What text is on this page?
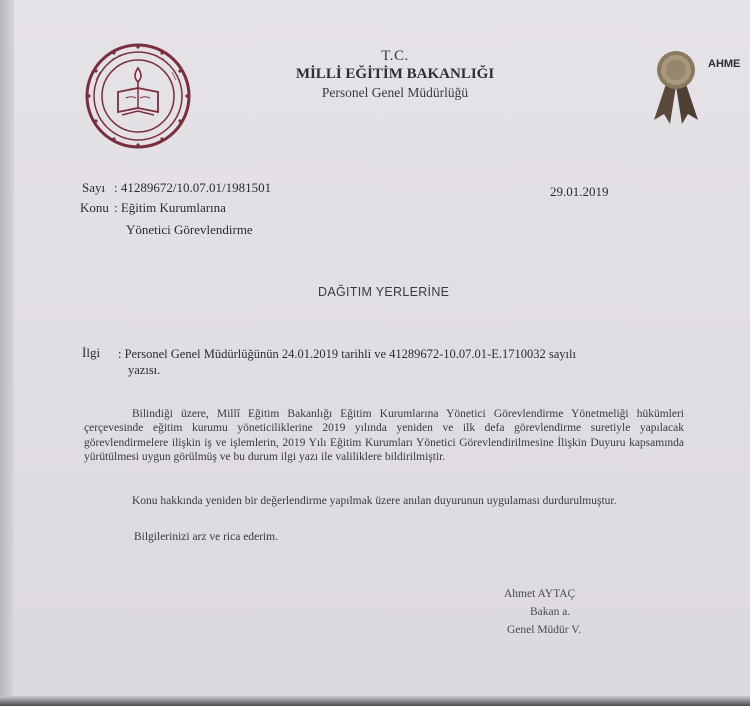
T.C.
MİLLİ EĞİTİM BAKANLIĞI
Personel Genel Müdürlüğü
AHME
Sayı : 41289672/10.07.01/1981501	29.01.2019
Konu : Eğitim Kurumlarına
Yönetici Görevlendirme
DAĞITIM YERLERİNE
İlgi : Personel Genel Müdürlüğünün 24.01.2019 tarihli ve 41289672-10.07.01-E.1710032 sayılı
yazısı.
Bilindiği üzere, Millî Eğitim Bakanlığı Eğitim Kurumlarına Yönetici Görevlendirme Yönetmeliği hükümleri çerçevesinde eğitim kurumu yöneticiliklerine 2019 yılında yeniden ve ilk defa görevlendirme suretiyle yapılacak görevlendirmelere ilişkin iş ve işlemlerin, 2019 Yılı Eğitim Kurumları Yönetici Görevlendirilmesine İlişkin Duyuru kapsamında yürütülmesi uygun görülmüş ve bu durum ilgi yazı ile valiliklere bildirilmiştir.
Konu hakkında yeniden bir değerlendirme yapılmak üzere anılan duyurunun uygulaması durdurulmuştur.
Bilgilerinizi arz ve rica ederim.
Ahmet AYTAÇ
Bakan a.
Genel Müdür V.
